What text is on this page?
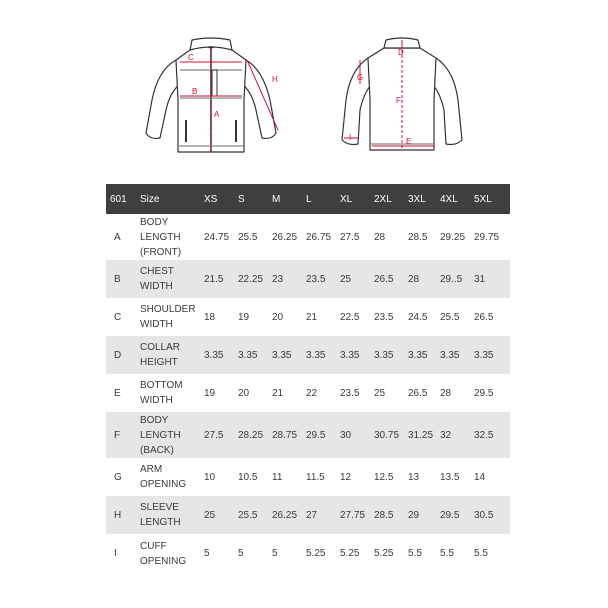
C
B
A
H
D
G
F
I	E
601	Size	XS	S	M	L	XL	2XL	3XL	4XL	5XL
A	BODY
LENGTH
(FRONT)	24.75	25.5	26.25	26.75	27.5	28	28.5	29.25	29.75
B	CHEST
WIDTH	21.5	22.25	23	23.5	25	26.5	28	29..5	31
C	SHOULDER
WIDTH	18	19	20	21	22.5	23.5	24.5	25.5	26.5
D	COLLAR
HEIGHT	3.35	3.35	3.35	3.35	3.35	3.35	3.35	3.35	3.35
E	BOTTOM
WIDTH	19	20	21	22	23.5	25	26.5	28	29.5
F	BODY
LENGTH
(BACK)	27.5	28.25	28.75	29.5	30	30.75	31.25	32	32.5
G	ARM
OPENING	10	10.5	11	11.5	12	12.5	13	13.5	14
H	SLEEVE
LENGTH	25	25.5	26.25	27	27.75	28.5	29	29.5	30.5
I	CUFF
OPENING	5	5	5	5.25	5.25	5.25	5.5	5.5	5.5
